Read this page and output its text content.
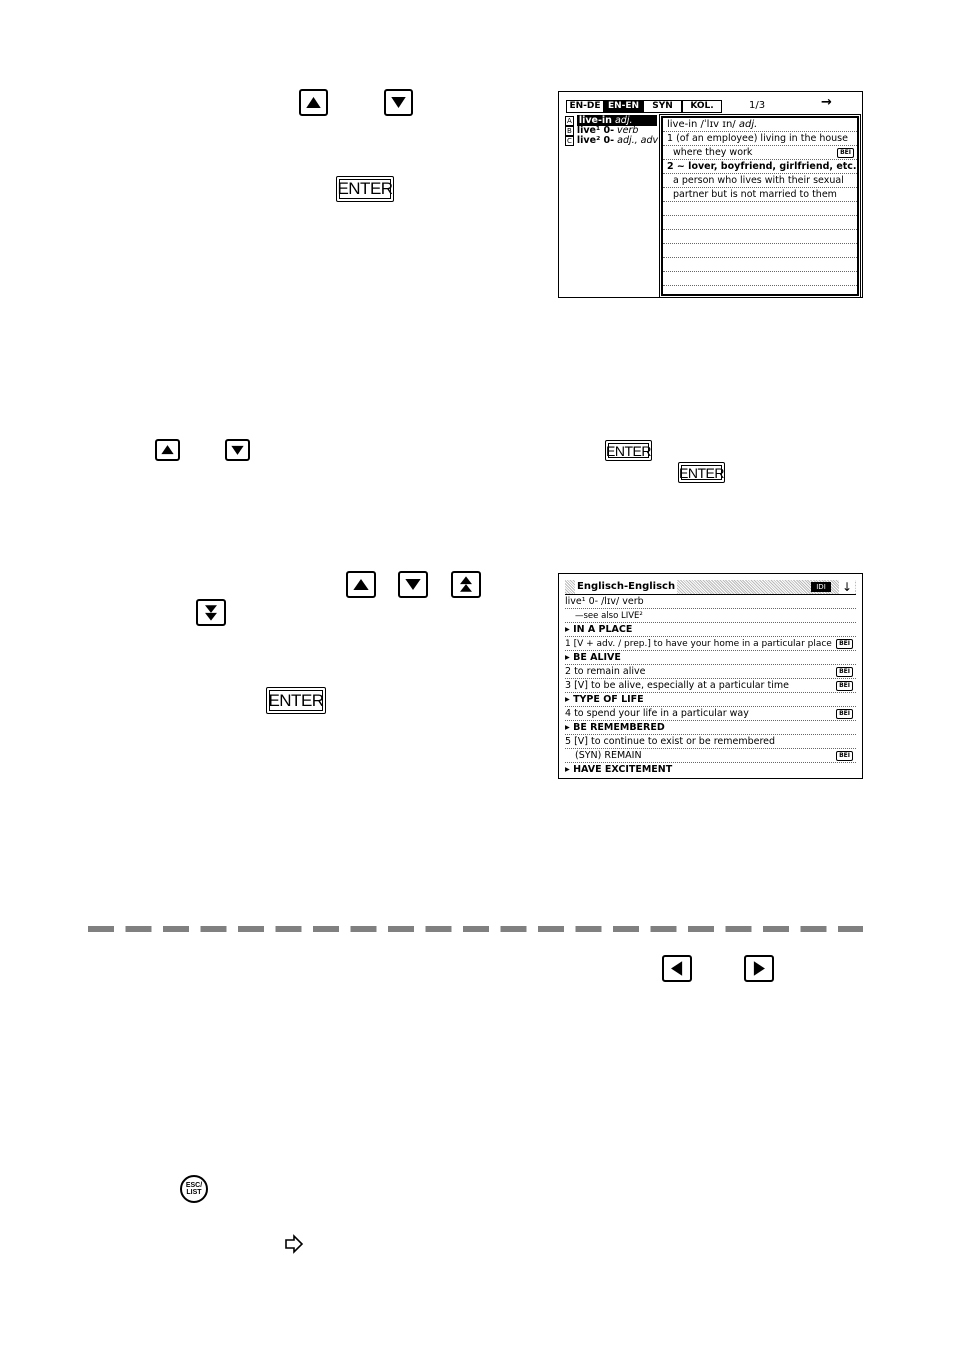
ENTER
EN-DE EN-EN	SYN	KOL.	1/3	→
A live-in adj.
B live¹ 0- verb
C live² 0- adj., adv
live-in /ˈlɪv ɪn/ adj.
1 (of an employee) living in the house
where they work	BEI
2 ~ lover, boyfriend, girlfriend, etc.
a person who lives with their sexual
partner but is not married to them
ENTER
ENTER
ENTER
Englisch-Englisch	IDI	↓
live¹ 0- /lɪv/ verb
—see also LIVE²
▸ IN A PLACE
1 [V + adv. / prep.] to have your home in a particular place	BEI
▸ BE ALIVE
2 to remain alive	BEI
3 [V] to be alive, especially at a particular time	BEI
▸ TYPE OF LIFE
4 to spend your life in a particular way	BEI
▸ BE REMEMBERED
5 [V] to continue to exist or be remembered
(SYN) REMAIN	BEI
▸ HAVE EXCITEMENT
ESC/
LIST
